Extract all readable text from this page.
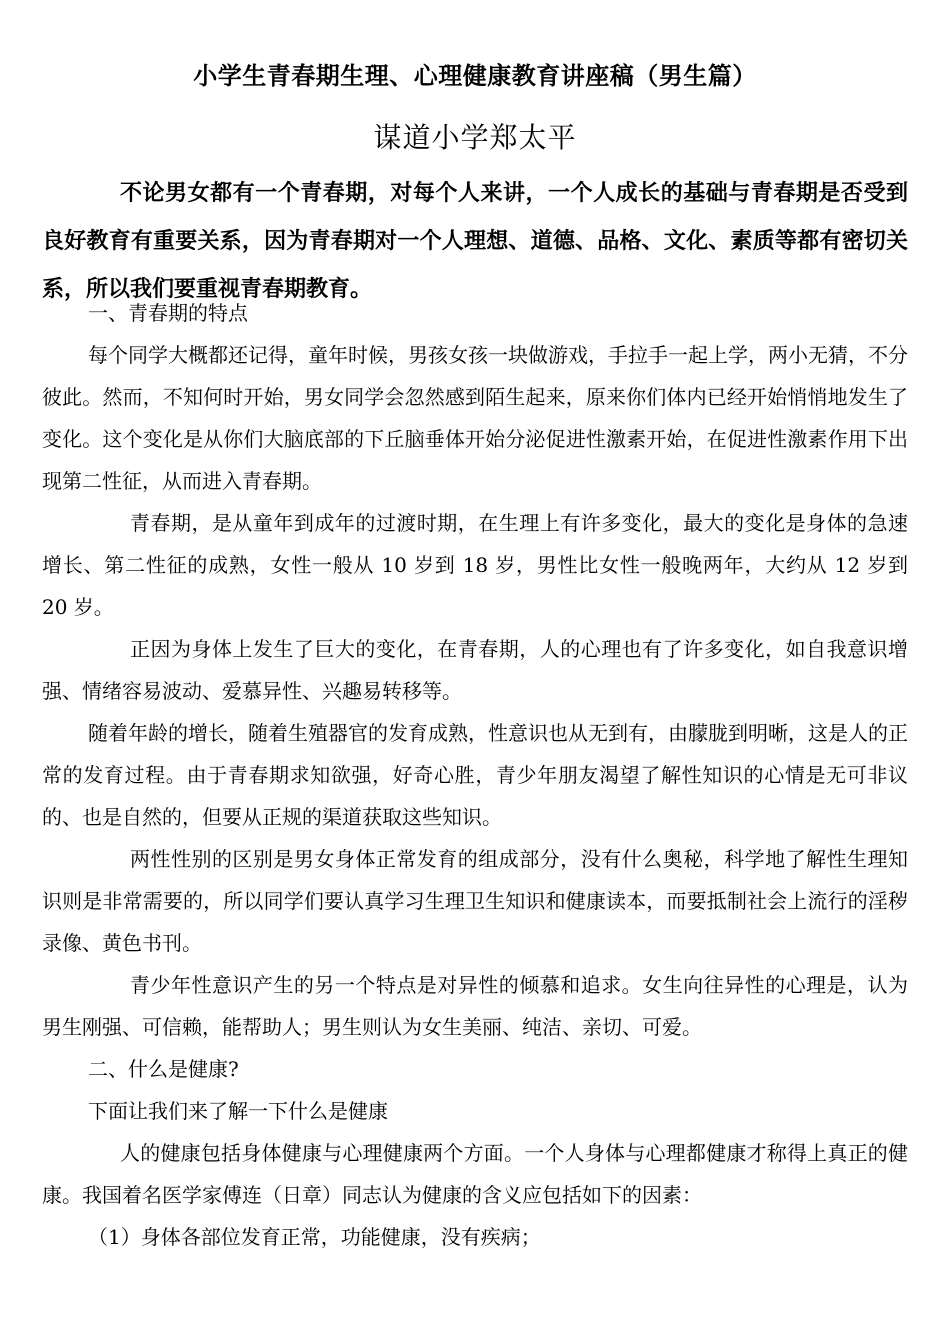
小学生青春期生理、心理健康教育讲座稿（男生篇）
谋道小学郑太平

不论男女都有一个青春期，对每个人来讲，一个人成长的基础与青春期是否受到良好教育有重要关系，因为青春期对一个人理想、道德、品格、文化、素质等都有密切关系，所以我们要重视青春期教育。

一、青春期的特点

每个同学大概都还记得，童年时候，男孩女孩一块做游戏，手拉手一起上学，两小无猜，不分彼此。然而，不知何时开始，男女同学会忽然感到陌生起来，原来你们体内已经开始悄悄地发生了变化。这个变化是从你们大脑底部的下丘脑垂体开始分泌促进性激素开始，在促进性激素作用下出现第二性征，从而进入青春期。

青春期，是从童年到成年的过渡时期，在生理上有许多变化，最大的变化是身体的急速增长、第二性征的成熟，女性一般从 10 岁到 18 岁，男性比女性一般晚两年，大约从 12 岁到 20 岁。

正因为身体上发生了巨大的变化，在青春期，人的心理也有了许多变化，如自我意识增强、情绪容易波动、爱慕异性、兴趣易转移等。

随着年龄的增长，随着生殖器官的发育成熟，性意识也从无到有，由朦胧到明晰，这是人的正常的发育过程。由于青春期求知欲强，好奇心胜，青少年朋友渴望了解性知识的心情是无可非议的、也是自然的，但要从正规的渠道获取这些知识。

两性性别的区别是男女身体正常发育的组成部分，没有什么奥秘，科学地了解性生理知识则是非常需要的，所以同学们要认真学习生理卫生知识和健康读本，而要抵制社会上流行的淫秽录像、黄色书刊。

青少年性意识产生的另一个特点是对异性的倾慕和追求。女生向往异性的心理是，认为男生刚强、可信赖，能帮助人；男生则认为女生美丽、纯洁、亲切、可爱。

二、什么是健康?

下面让我们来了解一下什么是健康

人的健康包括身体健康与心理健康两个方面。一个人身体与心理都健康才称得上真正的健康。我国着名医学家傅连（日章）同志认为健康的含义应包括如下的因素：

（1）身体各部位发育正常，功能健康，没有疾病；
